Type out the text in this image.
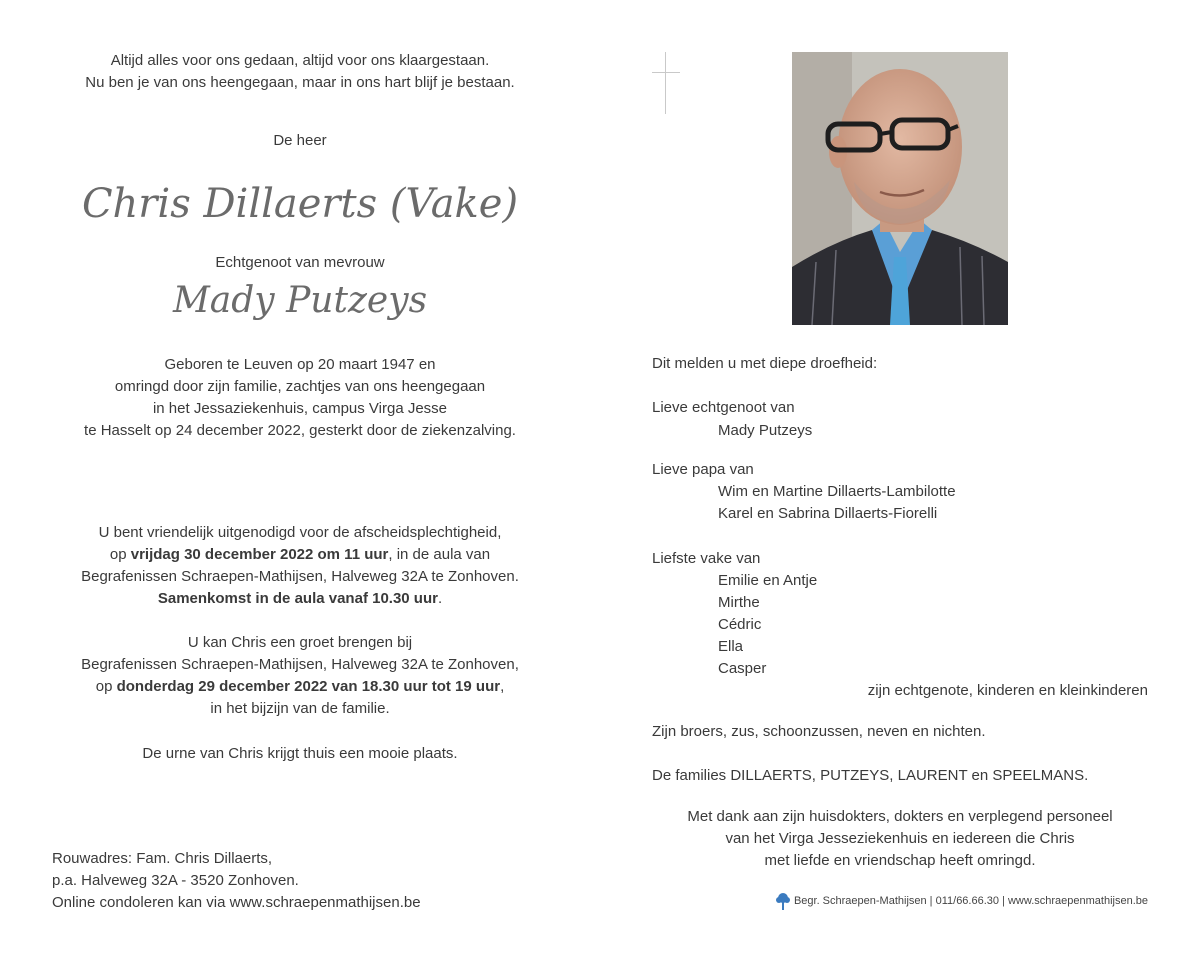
Altijd alles voor ons gedaan, altijd voor ons klaargestaan.
Nu ben je van ons heengegaan, maar in ons hart blijf je bestaan.
De heer
Chris Dillaerts (Vake)
Echtgenoot van mevrouw
Mady Putzeys
Geboren te Leuven op 20 maart 1947 en
omringd door zijn familie, zachtjes van ons heengegaan
in het Jessaziekenhuis, campus Virga Jesse
te Hasselt op 24 december 2022, gesterkt door de ziekenzalving.
U bent vriendelijk uitgenodigd voor de afscheidsplechtigheid,
op vrijdag 30 december 2022 om 11 uur, in de aula van
Begrafenissen Schraepen-Mathijsen, Halveweg 32A te Zonhoven.
Samenkomst in de aula vanaf 10.30 uur.
U kan Chris een groet brengen bij
Begrafenissen Schraepen-Mathijsen, Halveweg 32A te Zonhoven,
op donderdag 29 december 2022 van 18.30 uur tot 19 uur,
in het bijzijn van de familie.
De urne van Chris krijgt thuis een mooie plaats.
Rouwadres: Fam. Chris Dillaerts,
p.a. Halveweg 32A - 3520 Zonhoven.
Online condoleren kan via www.schraepenmathijsen.be
Dit melden u met diepe droefheid:
Lieve echtgenoot van
Mady Putzeys
Lieve papa van
Wim en Martine Dillaerts-Lambilotte
Karel en Sabrina Dillaerts-Fiorelli
Liefste vake van
Emilie en Antje
Mirthe
Cédric
Ella
Casper
zijn echtgenote, kinderen en kleinkinderen
Zijn broers, zus, schoonzussen, neven en nichten.
De families DILLAERTS, PUTZEYS, LAURENT en SPEELMANS.
Met dank aan zijn huisdokters, dokters en verplegend personeel
van het Virga Jesseziekenhuis en iedereen die Chris
met liefde en vriendschap heeft omringd.
Begr. Schraepen-Mathijsen | 011/66.66.30 | www.schraepenmathijsen.be
